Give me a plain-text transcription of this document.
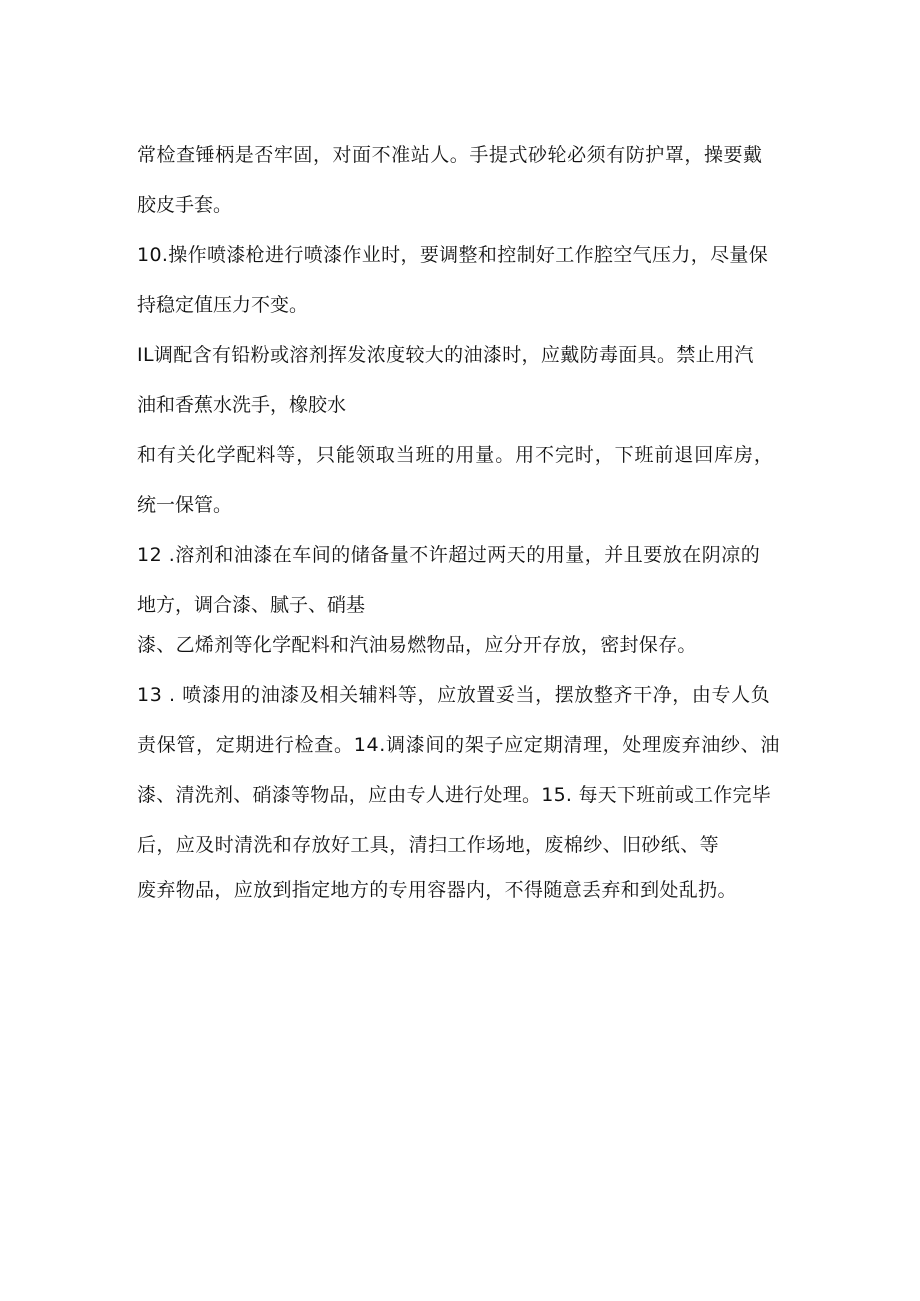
常检查锤柄是否牢固，对面不准站人。手提式砂轮必须有防护罩，操要戴
胶皮手套。
10.操作喷漆枪进行喷漆作业时，要调整和控制好工作腔空气压力，尽量保
持稳定值压力不变。
IL调配含有铅粉或溶剂挥发浓度较大的油漆时，应戴防毒面具。禁止用汽
油和香蕉水洗手，橡胶水
和有关化学配料等，只能领取当班的用量。用不完时，下班前退回库房，
统一保管。
12 .溶剂和油漆在车间的储备量不许超过两天的用量，并且要放在阴凉的
地方，调合漆、腻子、硝基
漆、乙烯剂等化学配料和汽油易燃物品，应分开存放，密封保存。
13 . 喷漆用的油漆及相关辅料等，应放置妥当，摆放整齐干净，由专人负
责保管，定期进行检查。14.调漆间的架子应定期清理，处理废弃油纱、油
漆、清洗剂、硝漆等物品，应由专人进行处理。15. 每天下班前或工作完毕
后，应及时清洗和存放好工具，清扫工作场地，废棉纱、旧砂纸、等
废弃物品，应放到指定地方的专用容器内，不得随意丢弃和到处乱扔。
